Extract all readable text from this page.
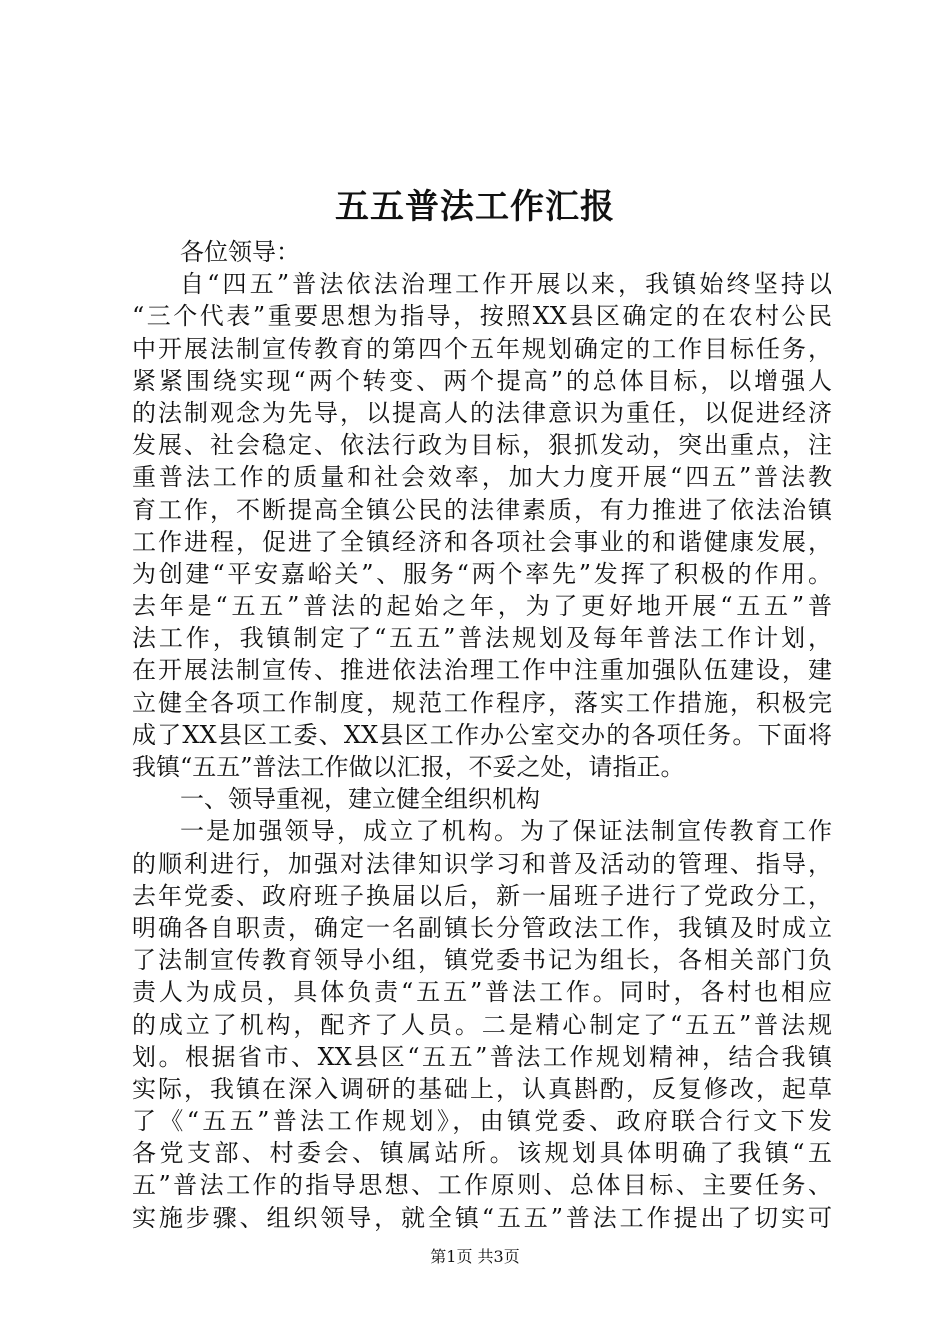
五五普法工作汇报
各位领导：
自“四五”普法依法治理工作开展以来，我镇始终坚持以
“三个代表”重要思想为指导，按照XX县区确定的在农村公民
中开展法制宣传教育的第四个五年规划确定的工作目标任务，
紧紧围绕实现“两个转变、两个提高”的总体目标，以增强人
的法制观念为先导，以提高人的法律意识为重任，以促进经济
发展、社会稳定、依法行政为目标，狠抓发动，突出重点，注
重普法工作的质量和社会效率，加大力度开展“四五”普法教
育工作，不断提高全镇公民的法律素质，有力推进了依法治镇
工作进程，促进了全镇经济和各项社会事业的和谐健康发展，
为创建“平安嘉峪关”、服务“两个率先”发挥了积极的作用。
去年是“五五”普法的起始之年，为了更好地开展“五五”普
法工作，我镇制定了“五五”普法规划及每年普法工作计划，
在开展法制宣传、推进依法治理工作中注重加强队伍建设，建
立健全各项工作制度，规范工作程序，落实工作措施，积极完
成了XX县区工委、XX县区工作办公室交办的各项任务。下面将
我镇“五五”普法工作做以汇报，不妥之处，请指正。
一、领导重视，建立健全组织机构
一是加强领导，成立了机构。为了保证法制宣传教育工作
的顺利进行，加强对法律知识学习和普及活动的管理、指导，
去年党委、政府班子换届以后，新一届班子进行了党政分工，
明确各自职责，确定一名副镇长分管政法工作，我镇及时成立
了法制宣传教育领导小组，镇党委书记为组长，各相关部门负
责人为成员，具体负责“五五”普法工作。同时，各村也相应
的成立了机构，配齐了人员。二是精心制定了“五五”普法规
划。根据省市、XX县区“五五”普法工作规划精神，结合我镇
实际，我镇在深入调研的基础上，认真斟酌，反复修改，起草
了《“五五”普法工作规划》，由镇党委、政府联合行文下发
各党支部、村委会、镇属站所。该规划具体明确了我镇“五
五”普法工作的指导思想、工作原则、总体目标、主要任务、
实施步骤、组织领导，就全镇“五五”普法工作提出了切实可
第1页 共3页
